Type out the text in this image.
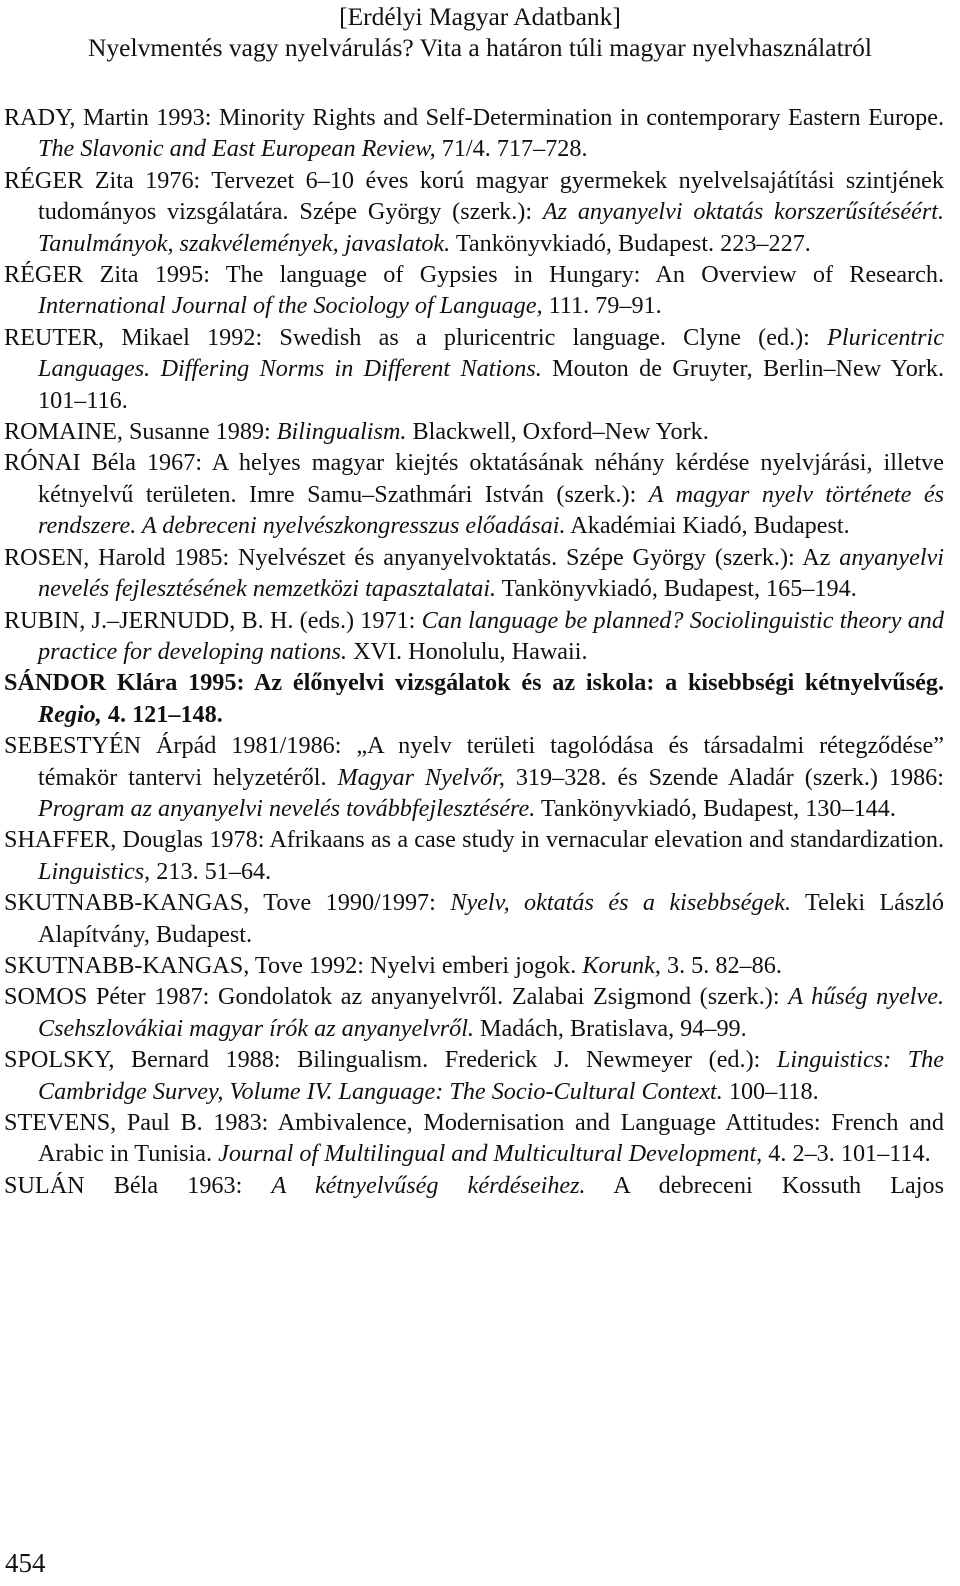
[Erdélyi Magyar Adatbank]
Nyelvmentés vagy nyelvárulás? Vita a határon túli magyar nyelvhasználatról

RADY, Martin 1993: Minority Rights and Self-Determination in contemporary Eastern Europe. The Slavonic and East European Review, 71/4. 717–728.

RÉGER Zita 1976: Tervezet 6–10 éves korú magyar gyermekek nyelvelsajátítási szintjének tudományos vizsgálatára. Szépe György (szerk.): Az anyanyelvi oktatás korszerűsítéséért. Tanulmányok, szakvélemények, javaslatok. Tankönyvkiadó, Budapest. 223–227.

RÉGER Zita 1995: The language of Gypsies in Hungary: An Overview of Research. International Journal of the Sociology of Language, 111. 79–91.

REUTER, Mikael 1992: Swedish as a pluricentric language. Clyne (ed.): Pluricentric Languages. Differing Norms in Different Nations. Mouton de Gruyter, Berlin–New York. 101–116.

ROMAINE, Susanne 1989: Bilingualism. Blackwell, Oxford–New York.

RÓNAI Béla 1967: A helyes magyar kiejtés oktatásának néhány kérdése nyelvjárási, illetve kétnyelvű területen. Imre Samu–Szathmári István (szerk.): A magyar nyelv története és rendszere. A debreceni nyelvészkongresszus előadásai. Akadémiai Kiadó, Budapest.

ROSEN, Harold 1985: Nyelvészet és anyanyelvoktatás. Szépe György (szerk.): Az anyanyelvi nevelés fejlesztésének nemzetközi tapasztalatai. Tankönyvkiadó, Budapest, 165–194.

RUBIN, J.–JERNUDD, B. H. (eds.) 1971: Can language be planned? Sociolinguistic theory and practice for developing nations. XVI. Honolulu, Hawaii.

SÁNDOR Klára 1995: Az élőnyelvi vizsgálatok és az iskola: a kisebbségi kétnyelvűség. Regio, 4. 121–148.

SEBESTYÉN Árpád 1981/1986: „A nyelv területi tagolódása és társadalmi rétegződése” témakör tantervi helyzetéről. Magyar Nyelvőr, 319–328. és Szende Aladár (szerk.) 1986: Program az anyanyelvi nevelés továbbfejlesztésére. Tankönyvkiadó, Budapest, 130–144.

SHAFFER, Douglas 1978: Afrikaans as a case study in vernacular elevation and standardization. Linguistics, 213. 51–64.

SKUTNABB-KANGAS, Tove 1990/1997: Nyelv, oktatás és a kisebbségek. Teleki László Alapítvány, Budapest.

SKUTNABB-KANGAS, Tove 1992: Nyelvi emberi jogok. Korunk, 3. 5. 82–86.

SOMOS Péter 1987: Gondolatok az anyanyelvről. Zalabai Zsigmond (szerk.): A hűség nyelve. Csehszlovákiai magyar írók az anyanyelvről. Madách, Bratislava, 94–99.

SPOLSKY, Bernard 1988: Bilingualism. Frederick J. Newmeyer (ed.): Linguistics: The Cambridge Survey, Volume IV. Language: The Socio-Cultural Context. 100–118.

STEVENS, Paul B. 1983: Ambivalence, Modernisation and Language Attitudes: French and Arabic in Tunisia. Journal of Multilingual and Multicultural Development, 4. 2–3. 101–114.

SULÁN Béla 1963: A kétnyelvűség kérdéseihez. A debreceni Kossuth Lajos

454
